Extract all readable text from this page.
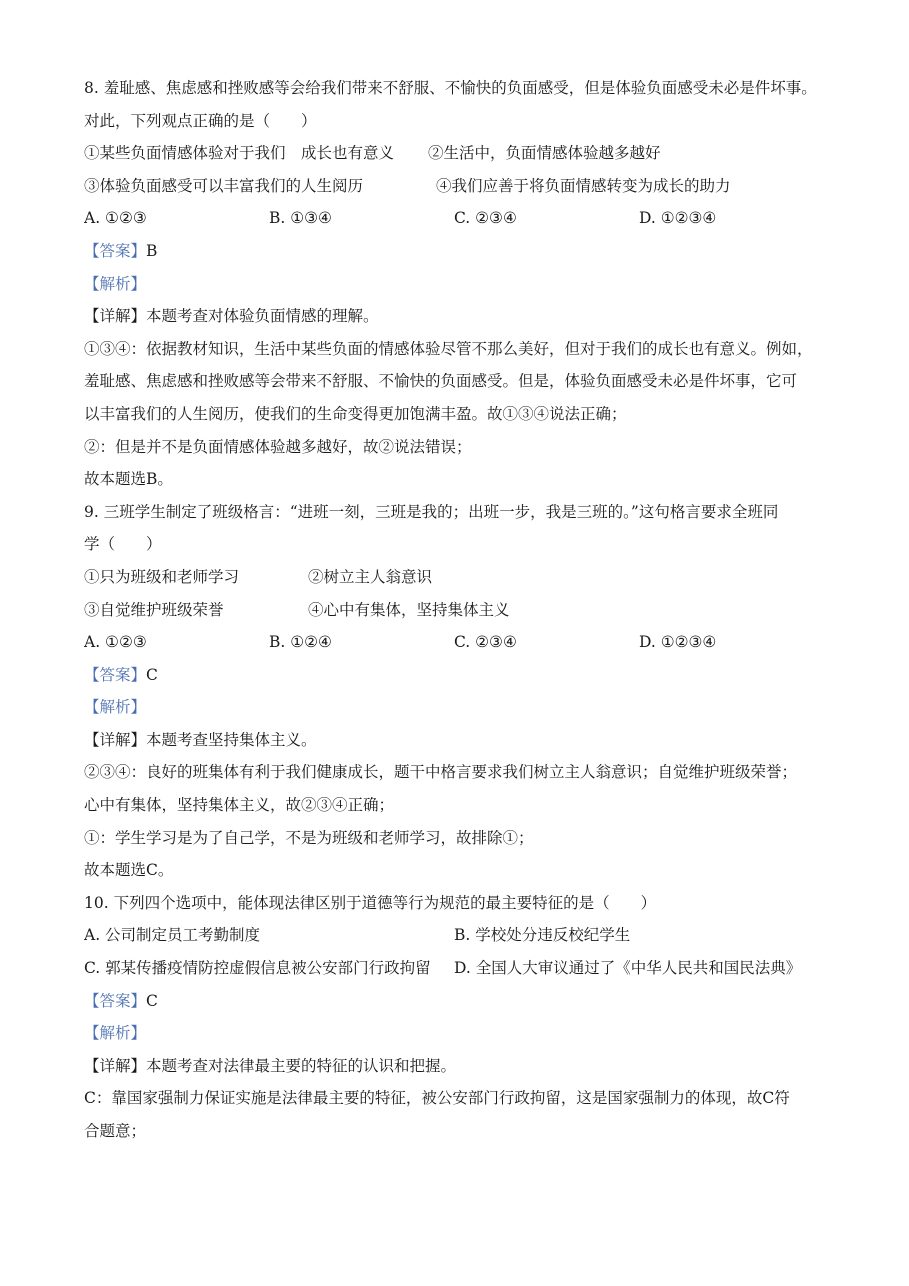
8. 羞耻感、焦虑感和挫败感等会给我们带来不舒服、不愉快的负面感受，但是体验负面感受未必是件坏事。
对此，下列观点正确的是（　　）
①某些负面情感体验对于我们　成长也有意义	②生活中，负面情感体验越多越好
③体验负面感受可以丰富我们的人生阅历	④我们应善于将负面情感转变为成长的助力
A. ①②③	B. ①③④	C. ②③④	D. ①②③④
【答案】B
【解析】
【详解】本题考查对体验负面情感的理解。
①③④：依据教材知识，生活中某些负面的情感体验尽管不那么美好，但对于我们的成长也有意义。例如，
羞耻感、焦虑感和挫败感等会带来不舒服、不愉快的负面感受。但是，体验负面感受未必是件坏事，它可
以丰富我们的人生阅历，使我们的生命变得更加饱满丰盈。故①③④说法正确；
②：但是并不是负面情感体验越多越好，故②说法错误；
故本题选B。
9. 三班学生制定了班级格言：“进班一刻，三班是我的；出班一步，我是三班的。”这句格言要求全班同
学（　　）
①只为班级和老师学习	②树立主人翁意识
③自觉维护班级荣誉	④心中有集体，坚持集体主义
A. ①②③	B. ①②④	C. ②③④	D. ①②③④
【答案】C
【解析】
【详解】本题考查坚持集体主义。
②③④：良好的班集体有利于我们健康成长，题干中格言要求我们树立主人翁意识；自觉维护班级荣誉；
心中有集体，坚持集体主义，故②③④正确；
①：学生学习是为了自己学，不是为班级和老师学习，故排除①；
故本题选C。
10. 下列四个选项中，能体现法律区别于道德等行为规范的最主要特征的是（　　）
A. 公司制定员工考勤制度	B. 学校处分违反校纪学生
C. 郭某传播疫情防控虚假信息被公安部门行政拘留	D. 全国人大审议通过了《中华人民共和国民法典》
【答案】C
【解析】
【详解】本题考查对法律最主要的特征的认识和把握。
C：靠国家强制力保证实施是法律最主要的特征，被公安部门行政拘留，这是国家强制力的体现，故C符
合题意；
